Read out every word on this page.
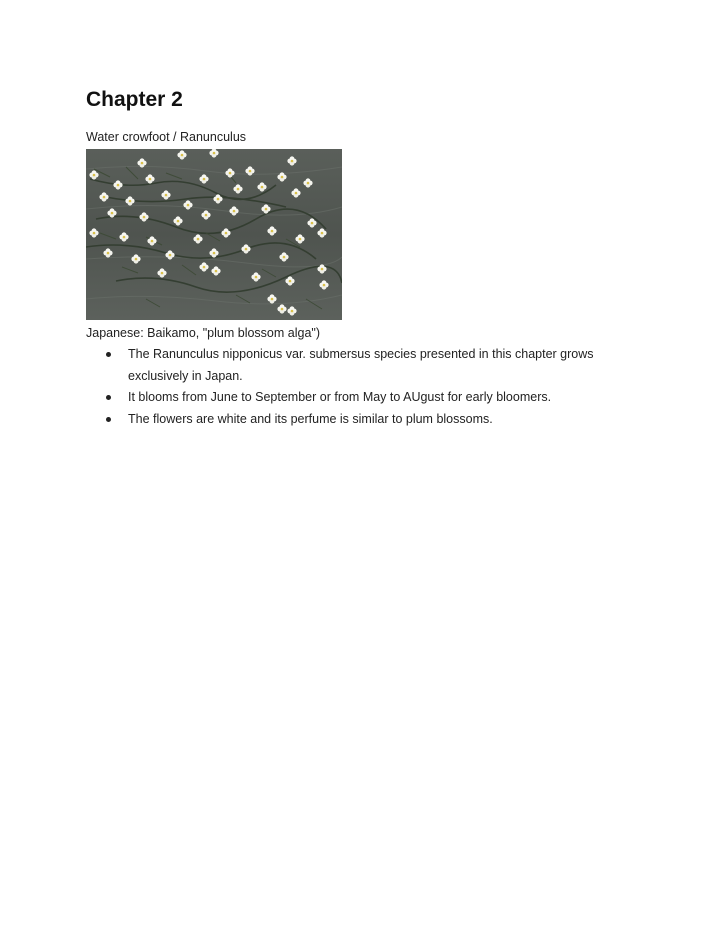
Chapter 2
Water crowfoot / Ranunculus
Japanese: Baikamo, "plum blossom alga")
The Ranunculus nipponicus var. submersus species presented in this chapter grows exclusively in Japan.
It blooms from June to September or from May to AUgust for early bloomers.
The flowers are white and its perfume is similar to plum blossoms.
